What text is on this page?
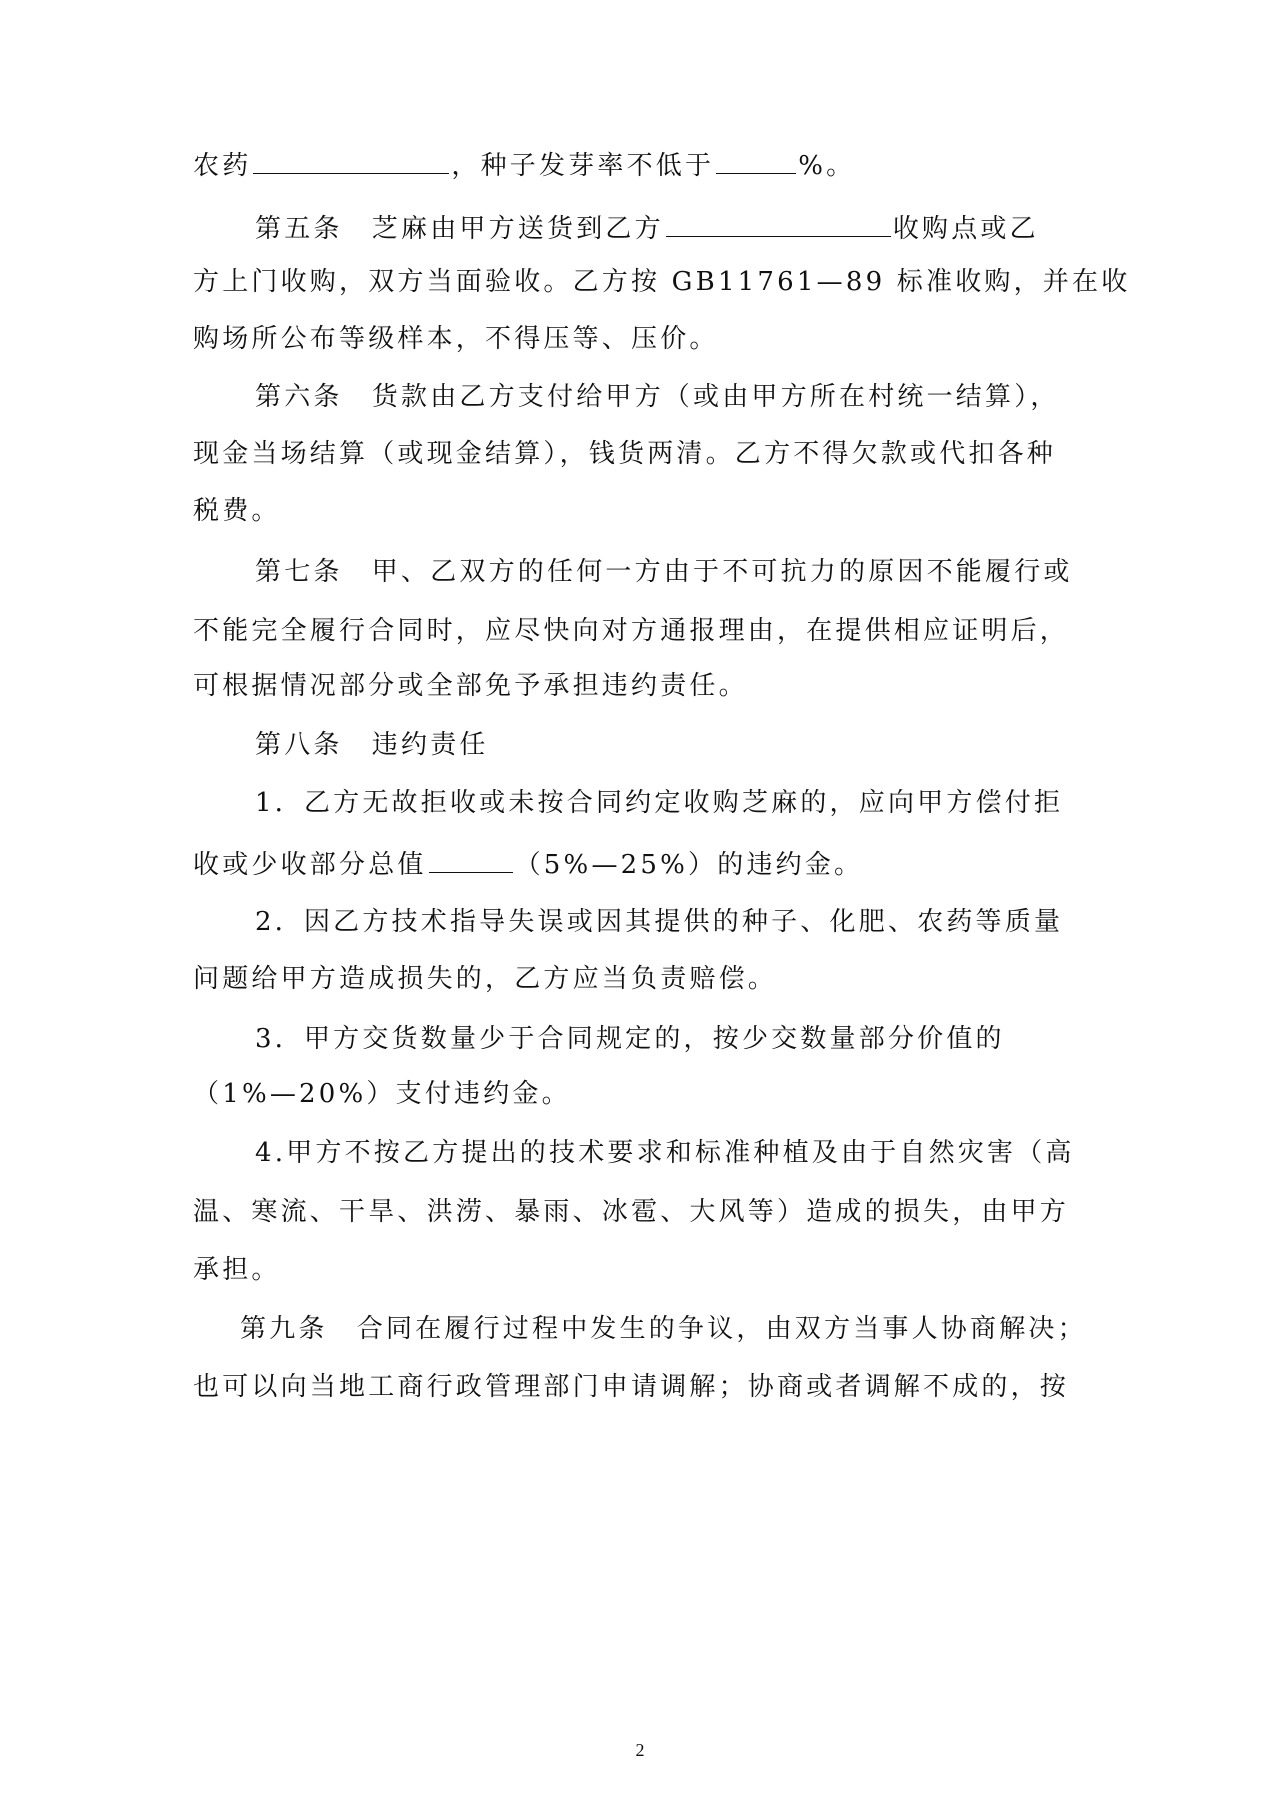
农药	，种子发芽率不低于	%。
第五条　芝麻由甲方送货到乙方	收购点或乙
方上门收购，双方当面验收。乙方按 GB11761—89 标准收购，并在收
购场所公布等级样本，不得压等、压价。
第六条　货款由乙方支付给甲方（或由甲方所在村统一结算），
现金当场结算（或现金结算），钱货两清。乙方不得欠款或代扣各种
税费。
第七条　甲、乙双方的任何一方由于不可抗力的原因不能履行或
不能完全履行合同时，应尽快向对方通报理由，在提供相应证明后，
可根据情况部分或全部免予承担违约责任。
第八条　违约责任
1．乙方无故拒收或未按合同约定收购芝麻的，应向甲方偿付拒
收或少收部分总值	（5%—25%）的违约金。
2．因乙方技术指导失误或因其提供的种子、化肥、农药等质量
问题给甲方造成损失的，乙方应当负责赔偿。
3．甲方交货数量少于合同规定的，按少交数量部分价值的
（1%—20%）支付违约金。
4.甲方不按乙方提出的技术要求和标准种植及由于自然灾害（高
温、寒流、干旱、洪涝、暴雨、冰雹、大风等）造成的损失，由甲方
承担。
第九条　合同在履行过程中发生的争议，由双方当事人协商解决；
也可以向当地工商行政管理部门申请调解；协商或者调解不成的，按
2
